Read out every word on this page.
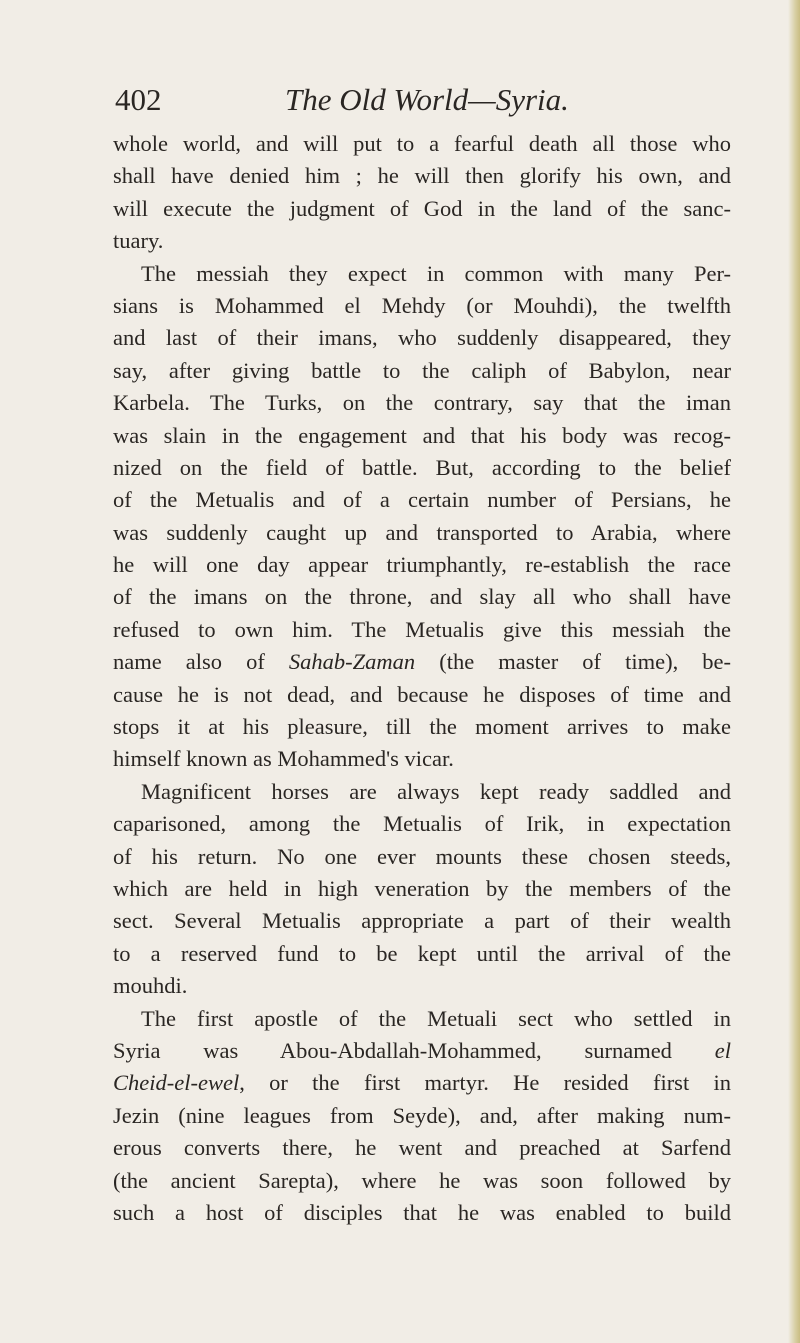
402	The Old World—Syria.
whole world, and will put to a fearful death all those who
shall have denied him ; he will then glorify his own, and
will execute the judgment of God in the land of the sanc-
tuary.
The messiah they expect in common with many Per-
sians is Mohammed el Mehdy (or Mouhdi), the twelfth
and last of their imans, who suddenly disappeared, they
say, after giving battle to the caliph of Babylon, near
Karbela. The Turks, on the contrary, say that the iman
was slain in the engagement and that his body was recog-
nized on the field of battle. But, according to the belief
of the Metualis and of a certain number of Persians, he
was suddenly caught up and transported to Arabia, where
he will one day appear triumphantly, re-establish the race
of the imans on the throne, and slay all who shall have
refused to own him. The Metualis give this messiah the
name also of Sahab-Zaman (the master of time), be-
cause he is not dead, and because he disposes of time and
stops it at his pleasure, till the moment arrives to make
himself known as Mohammed's vicar.
Magnificent horses are always kept ready saddled and
caparisoned, among the Metualis of Irik, in expectation
of his return. No one ever mounts these chosen steeds,
which are held in high veneration by the members of the
sect. Several Metualis appropriate a part of their wealth
to a reserved fund to be kept until the arrival of the
mouhdi.
The first apostle of the Metuali sect who settled in
Syria was Abou-Abdallah-Mohammed, surnamed el
Cheid-el-ewel, or the first martyr. He resided first in
Jezin (nine leagues from Seyde), and, after making num-
erous converts there, he went and preached at Sarfend
(the ancient Sarepta), where he was soon followed by
such a host of disciples that he was enabled to build
